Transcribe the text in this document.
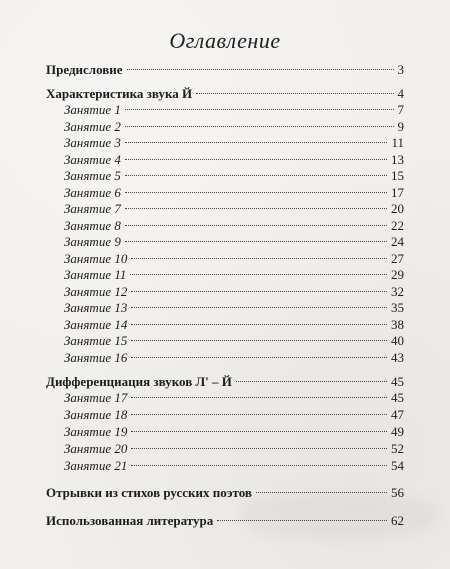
Оглавление
Предисловие	3
Характеристика звука Й	4
Занятие 1	7
Занятие 2	9
Занятие 3	11
Занятие 4	13
Занятие 5	15
Занятие 6	17
Занятие 7	20
Занятие 8	22
Занятие 9	24
Занятие 10	27
Занятие 11	29
Занятие 12	32
Занятие 13	35
Занятие 14	38
Занятие 15	40
Занятие 16	43
Дифференциация звуков Л' – Й	45
Занятие 17	45
Занятие 18	47
Занятие 19	49
Занятие 20	52
Занятие 21	54
Отрывки из стихов русских поэтов	56
Использованная литература	62
